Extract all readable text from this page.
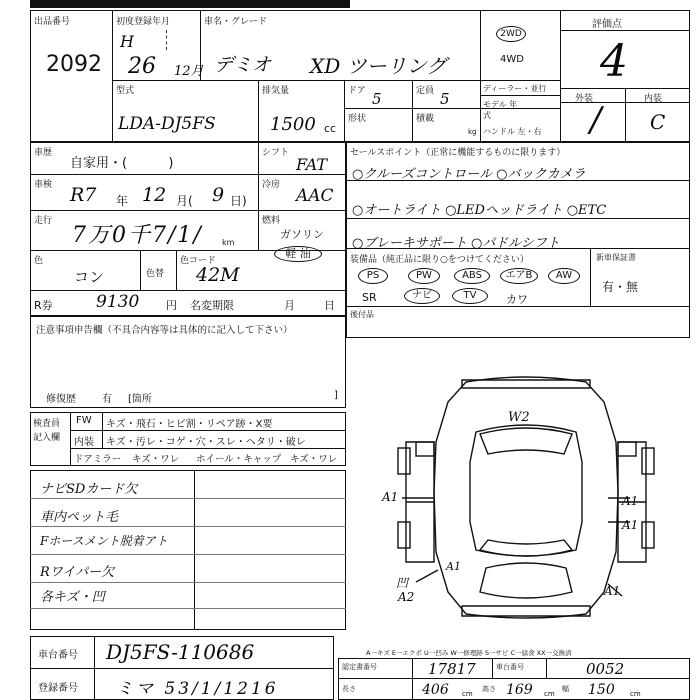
出品番号
2092
初度登録年月
H
26 12月
車名・グレード
デミオ XD ツーリング
2WD
4WD
評価点
4
型式
LDA-DJ5FS
排気量
1500 cc
ドア 5	定員 5
形状	積載
kg
ディーラー・並行
モデル 年式
ハンドル 左・右
外装	内装
/ C
車歴
自家用・(          )
シフト
FAT
車検 R7 年 12 月( 9 日)
冷房
AAC
走行
7万0千7/1/ km
燃料
ガソリン
軽 油
色
コン	色替
色コード
42M
R券	9130 円 名変期限	月	日
セールスポイント（正常に機能するものに限ります）
○クルーズコントロール ○バックカメラ
○オートライト ○LEDヘッドライト ○ETC
○ブレーキサポート ○パドルシフト
装備品（純正品に限り○をつけてください）	新車保証書
有・無
PS	PW	ABS	エアB	AW
SR	ナビ	TV	カワ
後付品
注意事項申告欄（不具合内容等は具体的に記入して下さい）
修復歴	有 [箇所	]
検査員
記入欄
FW キズ・飛石・ヒビ割・リペア跡・X要
内装 キズ・汚レ・コゲ・穴・スレ・ヘタリ・破レ
ドアミラー キズ・ワレ ホイール・キャップ キズ・ワレ
ナビSDカード欠
車内ペット毛
Fホースメント脱着アト
Rワイパー欠
各キズ・凹
W2
A1	A1
A1
A1
A1
凹
A2
A一キズ E一エクボ U一凹み W一修理跡 S一サビ C一腐食 XX一交換済
認定書番号	17817	車台番号	0052
長さ	406 cm
高さ 169 cm
幅 150 cm
車台番号 DJ5FS-110686
登録番号 ミマ 53/1/1216
